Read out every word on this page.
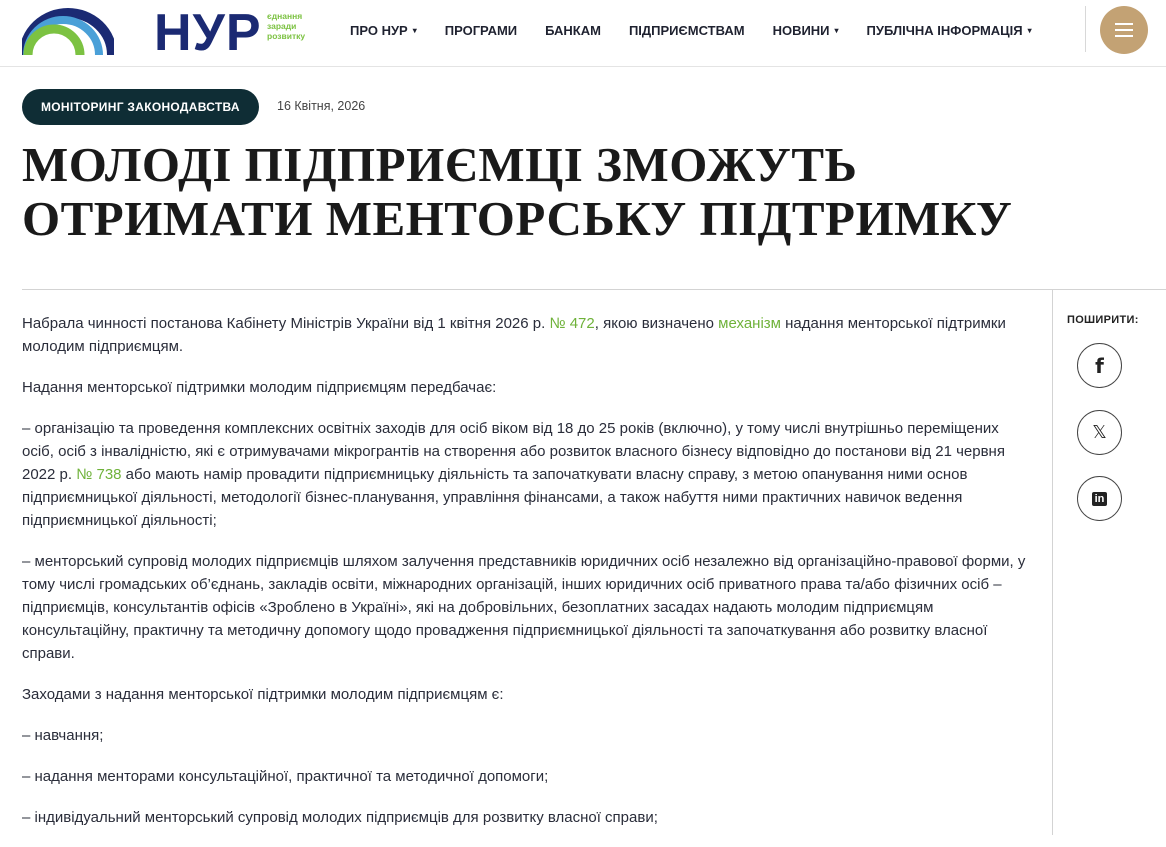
НУР єднання
заради
розвитку	ПРО НУР ▾ ПРОГРАМИ БАНКАМ ПІДПРИЄМСТВАМ НОВИНИ ▾ ПУБЛІЧНА ІНФОРМАЦІЯ ▾
МОНІТОРИНГ ЗАКОНОДАВСТВА	16 Квітня, 2026
МОЛОДІ ПІДПРИЄМЦІ ЗМОЖУТЬ ОТРИМАТИ МЕНТОРСЬКУ ПІДТРИМКУ

Набрала чинності постанова Кабінету Міністрів України від 1 квітня 2026 р. № 472, якою визначено механізм надання менторської підтримки молодим підприємцям.

Надання менторської підтримки молодим підприємцям передбачає:

– організацію та проведення комплексних освітніх заходів для осіб віком від 18 до 25 років (включно), у тому числі внутрішньо переміщених осіб, осіб з інвалідністю, які є отримувачами мікрогрантів на створення або розвиток власного бізнесу відповідно до постанови від 21 червня 2022 р. № 738 або мають намір провадити підприємницьку діяльність та започаткувати власну справу, з метою опанування ними основ підприємницької діяльності, методології бізнес-планування, управління фінансами, а також набуття ними практичних навичок ведення підприємницької діяльності;

– менторський супровід молодих підприємців шляхом залучення представників юридичних осіб незалежно від організаційно-правової форми, у тому числі громадських об’єднань, закладів освіти, міжнародних організацій, інших юридичних осіб приватного права та/або фізичних осіб – підприємців, консультантів офісів «Зроблено в Україні», які на добровільних, безоплатних засадах надають молодим підприємцям консультаційну, практичну та методичну допомогу щодо провадження підприємницької діяльності та започаткування або розвитку власної справи.

Заходами з надання менторської підтримки молодим підприємцям є:

– навчання;

– надання менторами консультаційної, практичної та методичної допомоги;

– індивідуальний менторський супровід молодих підприємців для розвитку власної справи;

ПОШИРИТИ:
f
𝕏
in
